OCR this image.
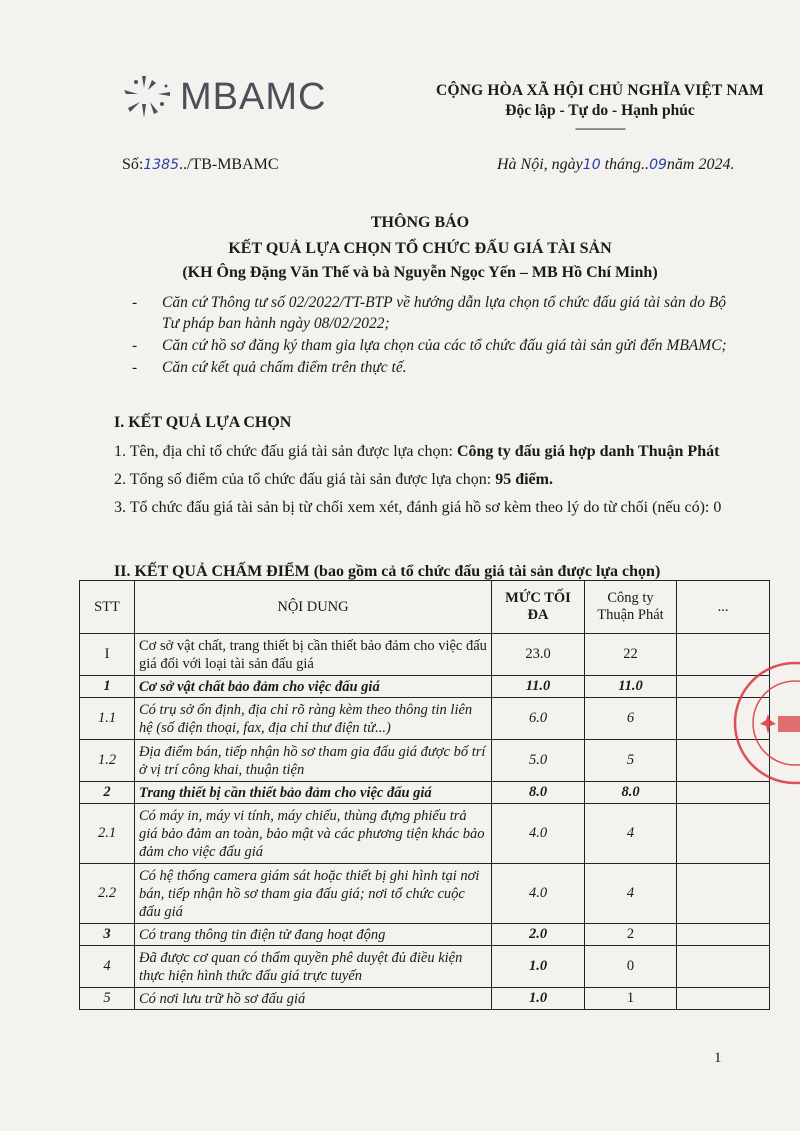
MBAMC	CỘNG HÒA XÃ HỘI CHỦ NGHĨA VIỆT NAM
Độc lập - Tự do - Hạnh phúc
---------------
Số:1385../TB-MBAMC	Hà Nội, ngày10 tháng..09năm 2024.
THÔNG BÁO
KẾT QUẢ LỰA CHỌN TỔ CHỨC ĐẤU GIÁ TÀI SẢN
(KH Ông Đặng Văn Thế và bà Nguyễn Ngọc Yến – MB Hồ Chí Minh)
- Căn cứ Thông tư số 02/2022/TT-BTP về hướng dẫn lựa chọn tổ chức đấu giá tài sản do Bộ Tư pháp ban hành ngày 08/02/2022;
- Căn cứ hồ sơ đăng ký tham gia lựa chọn của các tổ chức đấu giá tài sản gửi đến MBAMC;
- Căn cứ kết quả chấm điểm trên thực tế.
I. KẾT QUẢ LỰA CHỌN

1. Tên, địa chỉ tổ chức đấu giá tài sản được lựa chọn: Công ty đấu giá hợp danh Thuận Phát

2. Tổng số điểm của tổ chức đấu giá tài sản được lựa chọn: 95 điểm.

3. Tổ chức đấu giá tài sản bị từ chối xem xét, đánh giá hồ sơ kèm theo lý do từ chối (nếu có): 0

II. KẾT QUẢ CHẤM ĐIỂM (bao gồm cả tổ chức đấu giá tài sản được lựa chọn)
STT	NỘI DUNG	MỨC TỐI ĐA	Công ty Thuận Phát	...
I	Cơ sở vật chất, trang thiết bị cần thiết bảo đảm cho việc đấu giá đối với loại tài sản đấu giá	23.0	22	
1	Cơ sở vật chất bảo đảm cho việc đấu giá	11.0	11.0	
1.1	Có trụ sở ổn định, địa chỉ rõ ràng kèm theo thông tin liên hệ (số điện thoại, fax, địa chỉ thư điện tử...)	6.0	6	
1.2	Địa điểm bán, tiếp nhận hồ sơ tham gia đấu giá được bố trí ở vị trí công khai, thuận tiện	5.0	5	
2	Trang thiết bị cần thiết bảo đảm cho việc đấu giá	8.0	8.0	
2.1	Có máy in, máy vi tính, máy chiếu, thùng đựng phiếu trả giá bảo đảm an toàn, bảo mật và các phương tiện khác bảo đảm cho việc đấu giá	4.0	4	
2.2	Có hệ thống camera giám sát hoặc thiết bị ghi hình tại nơi bán, tiếp nhận hồ sơ tham gia đấu giá; nơi tổ chức cuộc đấu giá	4.0	4	
3	Có trang thông tin điện tử đang hoạt động	2.0	2	
4	Đã được cơ quan có thẩm quyền phê duyệt đủ điều kiện thực hiện hình thức đấu giá trực tuyến	1.0	0	
5	Có nơi lưu trữ hồ sơ đấu giá	1.0	1	
1
